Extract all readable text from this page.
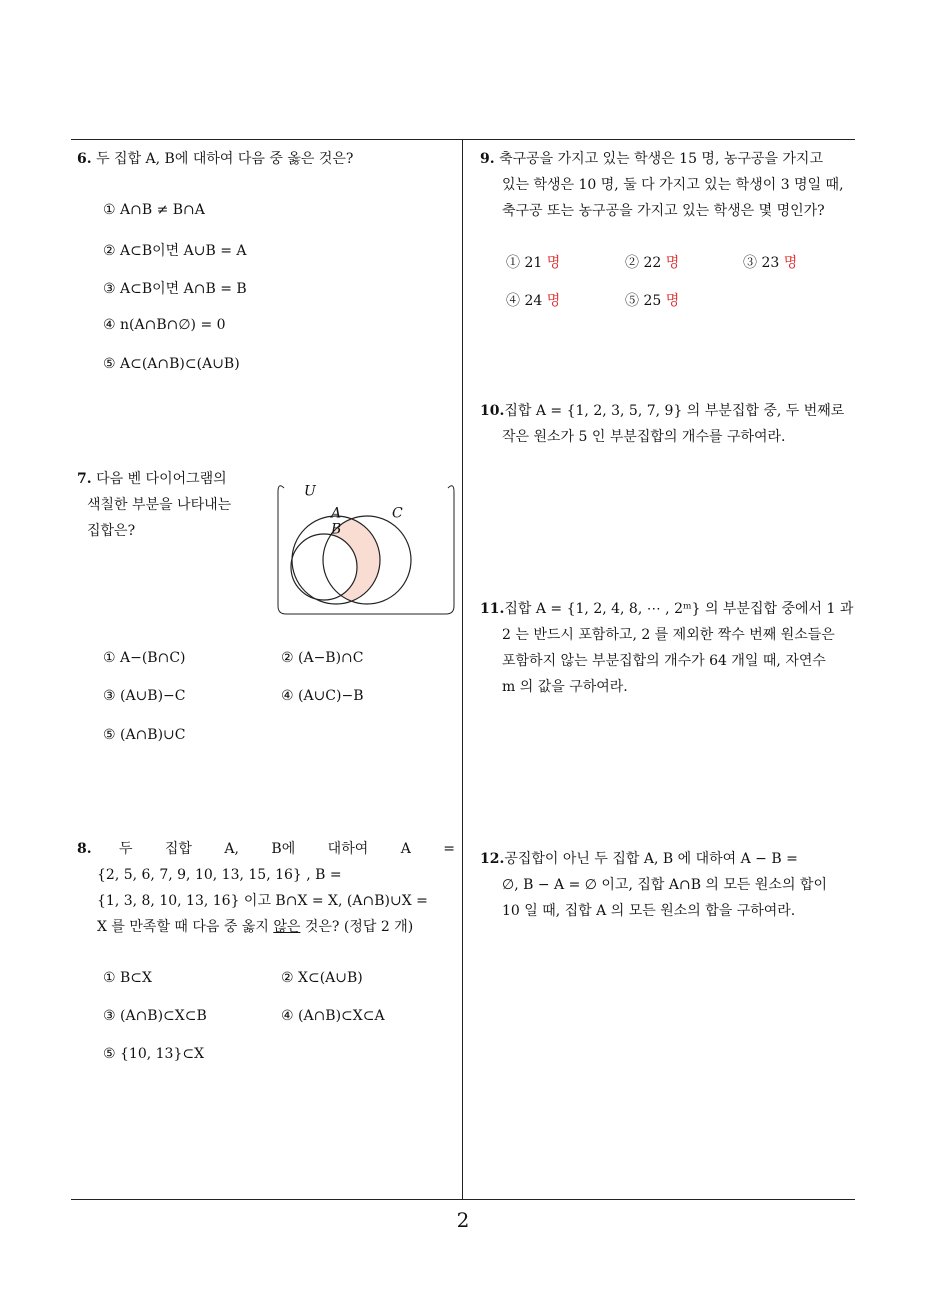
6. 두 집합 A, B에 대하여 다음 중 옳은 것은?
① A∩B ≠ B∩A
② A⊂B이면 A∪B = A
③ A⊂B이면 A∩B = B
④ n(A∩B∩∅) = 0
⑤ A⊂(A∩B)⊂(A∪B)
7. 다음 벤 다이어그램의
색칠한 부분을 나타내는
집합은?
U
A
B
C
① A−(B∩C)	② (A−B)∩C
③ (A∪B)−C	④ (A∪C)−B
⑤ (A∩B)∪C
8. 두 집합 A, B에 대하여 A =
{2, 5, 6, 7, 9, 10, 13, 15, 16} , B =
{1, 3, 8, 10, 13, 16} 이고 B∩X = X, (A∩B)∪X =
X 를 만족할 때 다음 중 옳지 않은 것은? (정답 2 개)
① B⊂X	② X⊂(A∪B)
③ (A∩B)⊂X⊂B	④ (A∩B)⊂X⊂A
⑤ {10, 13}⊂X
9. 축구공을 가지고 있는 학생은 15 명, 농구공을 가지고
있는 학생은 10 명, 둘 다 가지고 있는 학생이 3 명일 때,
축구공 또는 농구공을 가지고 있는 학생은 몇 명인가?
① 21 명	② 22 명	③ 23 명
④ 24 명	⑤ 25 명
10.집합 A = {1, 2, 3, 5, 7, 9} 의 부분집합 중, 두 번째로
작은 원소가 5 인 부분집합의 개수를 구하여라.
11.집합 A = {1, 2, 4, 8, ⋯ , 2ᵐ} 의 부분집합 중에서 1 과
2 는 반드시 포함하고, 2 를 제외한 짝수 번째 원소들은
포함하지 않는 부분집합의 개수가 64 개일 때, 자연수
m 의 값을 구하여라.
12.공집합이 아닌 두 집합 A, B 에 대하여 A − B =
∅, B − A = ∅ 이고, 집합 A∩B 의 모든 원소의 합이
10 일 때, 집합 A 의 모든 원소의 합을 구하여라.
2
